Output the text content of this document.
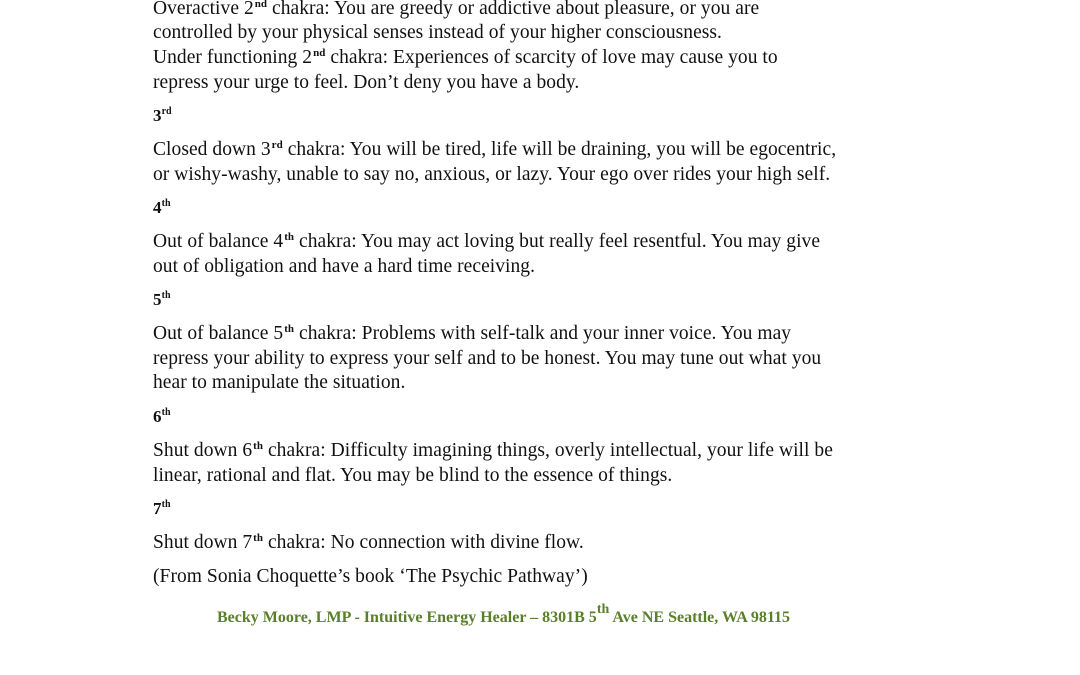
Overactive 2nd chakra: You are greedy or addictive about pleasure, or you are
controlled by your physical senses instead of your higher consciousness.
Under functioning 2nd chakra: Experiences of scarcity of love may cause you to
repress your urge to feel. Don’t deny you have a body.
3rd
Closed down 3rd chakra: You will be tired, life will be draining, you will be egocentric,
or wishy-washy, unable to say no, anxious, or lazy. Your ego over rides your high self.
4th
Out of balance 4th chakra: You may act loving but really feel resentful. You may give
out of obligation and have a hard time receiving.
5th
Out of balance 5th chakra: Problems with self-talk and your inner voice. You may
repress your ability to express your self and to be honest. You may tune out what you
hear to manipulate the situation.
6th
Shut down 6th chakra: Difficulty imagining things, overly intellectual, your life will be
linear, rational and flat. You may be blind to the essence of things.
7th
Shut down 7th chakra: No connection with divine flow.
(From Sonia Choquette’s book ‘The Psychic Pathway’)
Becky Moore, LMP - Intuitive Energy Healer – 8301B 5th Ave NE Seattle, WA 98115
